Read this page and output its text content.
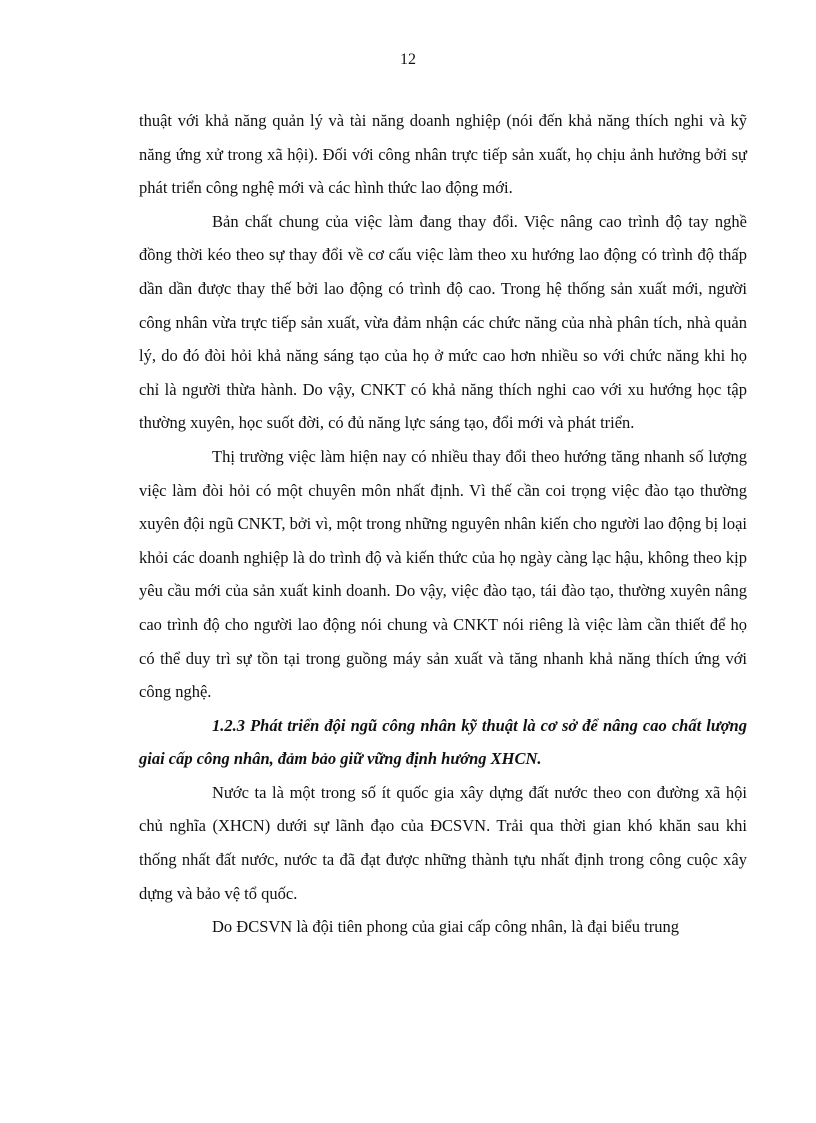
12

thuật với khả năng quản lý và tài năng doanh nghiệp (nói đến khả năng thích nghi và kỹ năng ứng xử trong xã hội). Đối với công nhân trực tiếp sản xuất, họ chịu ảnh hưởng bởi sự phát triển công nghệ mới và các hình thức lao động mới.

Bản chất chung của việc làm đang thay đổi. Việc nâng cao trình độ tay nghề đồng thời kéo theo sự thay đổi về cơ cấu việc làm theo xu hướng lao động có trình độ thấp dần dần được thay thế bởi lao động có trình độ cao. Trong hệ thống sản xuất mới, người công nhân vừa trực tiếp sản xuất, vừa đảm nhận các chức năng của nhà phân tích, nhà quản lý, do đó đòi hỏi khả năng sáng tạo của họ ở mức cao hơn nhiều so với chức năng khi họ chỉ là người thừa hành. Do vậy, CNKT có khả năng thích nghi cao với xu hướng học tập thường xuyên, học suốt đời, có đủ năng lực sáng tạo, đổi mới và phát triển.

Thị trường việc làm hiện nay có nhiều thay đổi theo hướng tăng nhanh số lượng việc làm đòi hỏi có một chuyên môn nhất định. Vì thế cần coi trọng việc đào tạo thường xuyên đội ngũ CNKT, bởi vì, một trong những nguyên nhân kiến cho người lao động bị loại khỏi các doanh nghiệp là do trình độ và kiến thức của họ ngày càng lạc hậu, không theo kịp yêu cầu mới của sản xuất kinh doanh. Do vậy, việc đào tạo, tái đào tạo, thường xuyên nâng cao trình độ cho người lao động nói chung và CNKT nói riêng là việc làm cần thiết để họ có thể duy trì sự tồn tại trong guồng máy sản xuất và tăng nhanh khả năng thích ứng với công nghệ.

1.2.3 Phát triển đội ngũ công nhân kỹ thuật là cơ sở để nâng cao chất lượng giai cấp công nhân, đảm bảo giữ vững định hướng XHCN.

Nước ta là một trong số ít quốc gia xây dựng đất nước theo con đường xã hội chủ nghĩa (XHCN) dưới sự lãnh đạo của ĐCSVN. Trải qua thời gian khó khăn sau khi thống nhất đất nước, nước ta đã đạt được những thành tựu nhất định trong công cuộc xây dựng và bảo vệ tổ quốc.

Do ĐCSVN là đội tiên phong của giai cấp công nhân, là đại biểu trung
